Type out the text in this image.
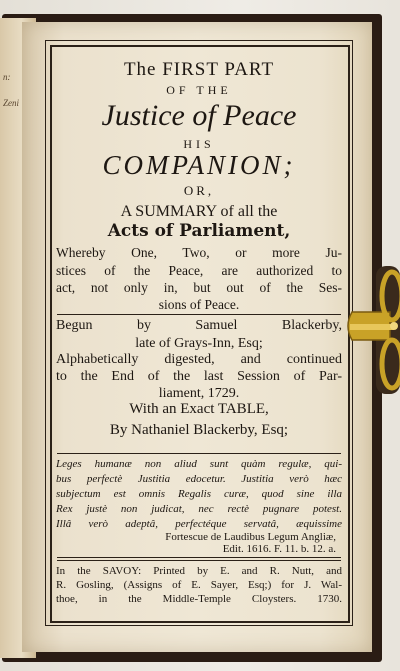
n:
Zeni
The FIRST PART
OF THE
Justice of Peace
HIS
COMPANION;
OR,
A SUMMARY of all the
Acts of Parliament,
Whereby One, Two, or more Ju-
stices of the Peace, are authorized to
act, not only in, but out of the Ses-
sions of Peace.
Begun by Samuel Blackerby,
late of Grays-Inn, Esq;
Alphabetically digested, and continued
to the End of the last Session of Par-
liament, 1729.
With an Exact TABLE,
By Nathaniel Blackerby, Esq;
Leges humanæ non aliud sunt quàm regulæ, qui-
bus perfectè Justitia edocetur. Justitia verò hæc
subjectum est omnis Regalis curæ, quod sine illa
Rex justè non judicat, nec rectè pugnare potest.
Illâ verò adeptâ, perfectéque servatâ, æquissime
Fortescue de Laudibus Legum Angliæ,
Edit. 1616. F. 11. b. 12. a.
In the SAVOY: Printed by E. and R. Nutt, and
R. Gosling, (Assigns of E. Sayer, Esq;) for J. Wal-
thoe, in the Middle-Temple Cloysters. 1730.
